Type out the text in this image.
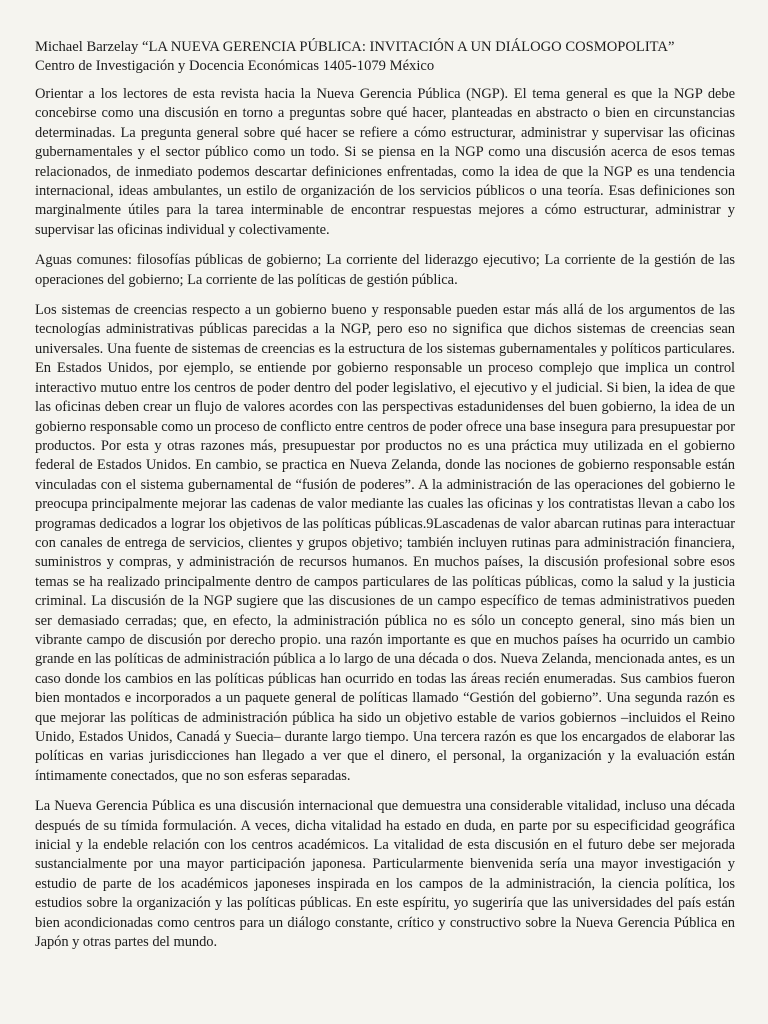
Michael Barzelay “LA NUEVA GERENCIA PÚBLICA: INVITACIÓN A UN DIÁLOGO COSMOPOLITA”

Centro de Investigación y Docencia Económicas 1405-1079 México

Orientar a los lectores de esta revista hacia la Nueva Gerencia Pública (NGP). El tema general es que la NGP debe concebirse como una discusión en torno a preguntas sobre qué hacer, planteadas en abstracto o bien en circunstancias determinadas. La pregunta general sobre qué hacer se refiere a cómo estructurar, administrar y supervisar las oficinas gubernamentales y el sector público como un todo. Si se piensa en la NGP como una discusión acerca de esos temas relacionados, de inmediato podemos descartar definiciones enfrentadas, como la idea de que la NGP es una tendencia internacional, ideas ambulantes, un estilo de organización de los servicios públicos o una teoría. Esas definiciones son marginalmente útiles para la tarea interminable de encontrar respuestas mejores a cómo estructurar, administrar y supervisar las oficinas individual y colectivamente.

Aguas comunes: filosofías públicas de gobierno; La corriente del liderazgo ejecutivo; La corriente de la gestión de las operaciones del gobierno; La corriente de las políticas de gestión pública.

Los sistemas de creencias respecto a un gobierno bueno y responsable pueden estar más allá de los argumentos de las tecnologías administrativas públicas parecidas a la NGP, pero eso no significa que dichos sistemas de creencias sean universales. Una fuente de sistemas de creencias es la estructura de los sistemas gubernamentales y políticos particulares. En Estados Unidos, por ejemplo, se entiende por gobierno responsable un proceso complejo que implica un control interactivo mutuo entre los centros de poder dentro del poder legislativo, el ejecutivo y el judicial. Si bien, la idea de que las oficinas deben crear un flujo de valores acordes con las perspectivas estadunidenses del buen gobierno, la idea de un gobierno responsable como un proceso de conflicto entre centros de poder ofrece una base insegura para presupuestar por productos. Por esta y otras razones más, presupuestar por productos no es una práctica muy utilizada en el gobierno federal de Estados Unidos. En cambio, se practica en Nueva Zelanda, donde las nociones de gobierno responsable están vinculadas con el sistema gubernamental de “fusión de poderes”. A la administración de las operaciones del gobierno le preocupa principalmente mejorar las cadenas de valor mediante las cuales las oficinas y los contratistas llevan a cabo los programas dedicados a lograr los objetivos de las políticas públicas.9Lascadenas de valor abarcan rutinas para interactuar con canales de entrega de servicios, clientes y grupos objetivo; también incluyen rutinas para administración financiera, suministros y compras, y administración de recursos humanos. En muchos países, la discusión profesional sobre esos temas se ha realizado principalmente dentro de campos particulares de las políticas públicas, como la salud y la justicia criminal. La discusión de la NGP sugiere que las discusiones de un campo específico de temas administrativos pueden ser demasiado cerradas; que, en efecto, la administración pública no es sólo un concepto general, sino más bien un vibrante campo de discusión por derecho propio. una razón importante es que en muchos países ha ocurrido un cambio grande en las políticas de administración pública a lo largo de una década o dos. Nueva Zelanda, mencionada antes, es un caso donde los cambios en las políticas públicas han ocurrido en todas las áreas recién enumeradas. Sus cambios fueron bien montados e incorporados a un paquete general de políticas llamado “Gestión del gobierno”. Una segunda razón es que mejorar las políticas de administración pública ha sido un objetivo estable de varios gobiernos –incluidos el Reino Unido, Estados Unidos, Canadá y Suecia– durante largo tiempo. Una tercera razón es que los encargados de elaborar las políticas en varias jurisdicciones han llegado a ver que el dinero, el personal, la organización y la evaluación están íntimamente conectados, que no son esferas separadas.

La Nueva Gerencia Pública es una discusión internacional que demuestra una considerable vitalidad, incluso una década después de su tímida formulación. A veces, dicha vitalidad ha estado en duda, en parte por su especificidad geográfica inicial y la endeble relación con los centros académicos. La vitalidad de esta discusión en el futuro debe ser mejorada sustancialmente por una mayor participación japonesa. Particularmente bienvenida sería una mayor investigación y estudio de parte de los académicos japoneses inspirada en los campos de la administración, la ciencia política, los estudios sobre la organización y las políticas públicas. En este espíritu, yo sugeriría que las universidades del país están bien acondicionadas como centros para un diálogo constante, crítico y constructivo sobre la Nueva Gerencia Pública en Japón y otras partes del mundo.
